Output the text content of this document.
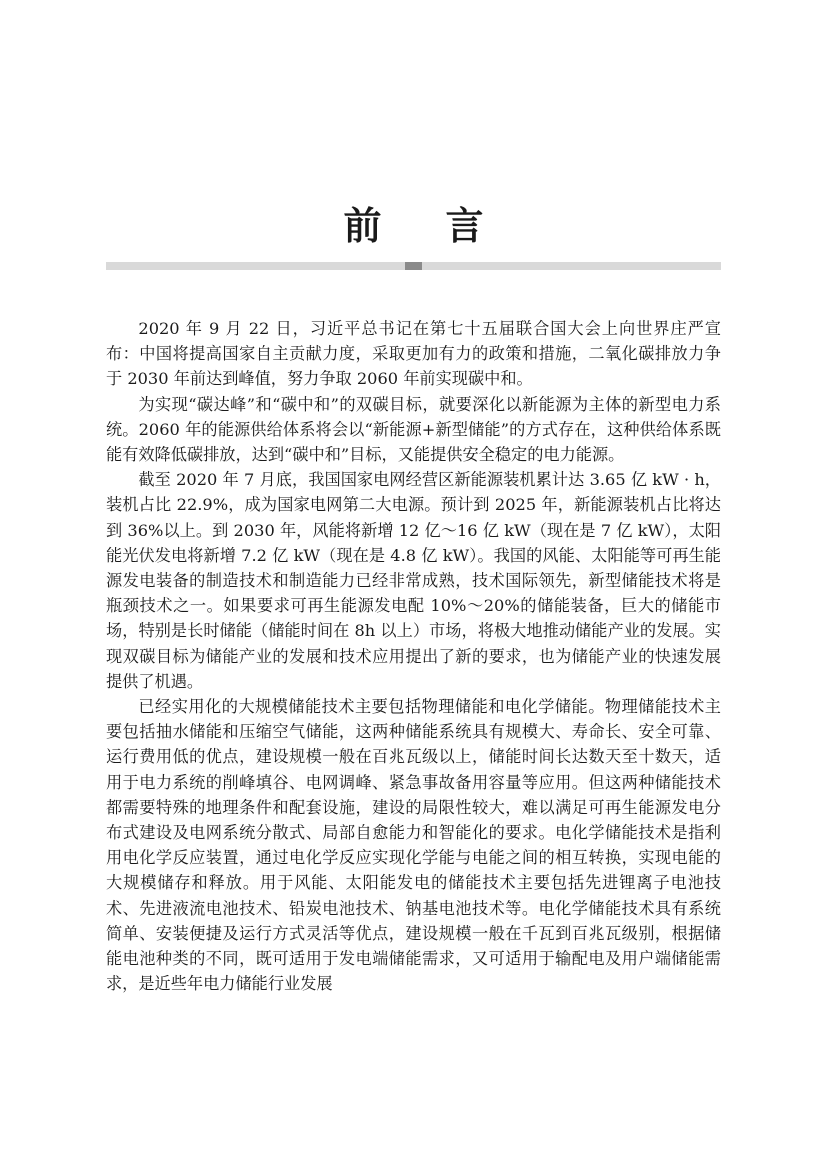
前 言

2020 年 9 月 22 日，习近平总书记在第七十五届联合国大会上向世界庄严宣布：中国将提高国家自主贡献力度，采取更加有力的政策和措施，二氧化碳排放力争于 2030 年前达到峰值，努力争取 2060 年前实现碳中和。

为实现“碳达峰”和“碳中和”的双碳目标，就要深化以新能源为主体的新型电力系统。2060 年的能源供给体系将会以“新能源+新型储能”的方式存在，这种供给体系既能有效降低碳排放，达到“碳中和”目标，又能提供安全稳定的电力能源。

截至 2020 年 7 月底，我国国家电网经营区新能源装机累计达 3.65 亿 kW · h，装机占比 22.9%，成为国家电网第二大电源。预计到 2025 年，新能源装机占比将达到 36%以上。到 2030 年，风能将新增 12 亿～16 亿 kW（现在是 7 亿 kW），太阳能光伏发电将新增 7.2 亿 kW（现在是 4.8 亿 kW）。我国的风能、太阳能等可再生能源发电装备的制造技术和制造能力已经非常成熟，技术国际领先，新型储能技术将是瓶颈技术之一。如果要求可再生能源发电配 10%～20%的储能装备，巨大的储能市场，特别是长时储能（储能时间在 8h 以上）市场，将极大地推动储能产业的发展。实现双碳目标为储能产业的发展和技术应用提出了新的要求，也为储能产业的快速发展提供了机遇。

已经实用化的大规模储能技术主要包括物理储能和电化学储能。物理储能技术主要包括抽水储能和压缩空气储能，这两种储能系统具有规模大、寿命长、安全可靠、运行费用低的优点，建设规模一般在百兆瓦级以上，储能时间长达数天至十数天，适用于电力系统的削峰填谷、电网调峰、紧急事故备用容量等应用。但这两种储能技术都需要特殊的地理条件和配套设施，建设的局限性较大，难以满足可再生能源发电分布式建设及电网系统分散式、局部自愈能力和智能化的要求。电化学储能技术是指利用电化学反应装置，通过电化学反应实现化学能与电能之间的相互转换，实现电能的大规模储存和释放。用于风能、太阳能发电的储能技术主要包括先进锂离子电池技术、先进液流电池技术、铅炭电池技术、钠基电池技术等。电化学储能技术具有系统简单、安装便捷及运行方式灵活等优点，建设规模一般在千瓦到百兆瓦级别，根据储能电池种类的不同，既可适用于发电端储能需求，又可适用于输配电及用户端储能需求，是近些年电力储能行业发展
